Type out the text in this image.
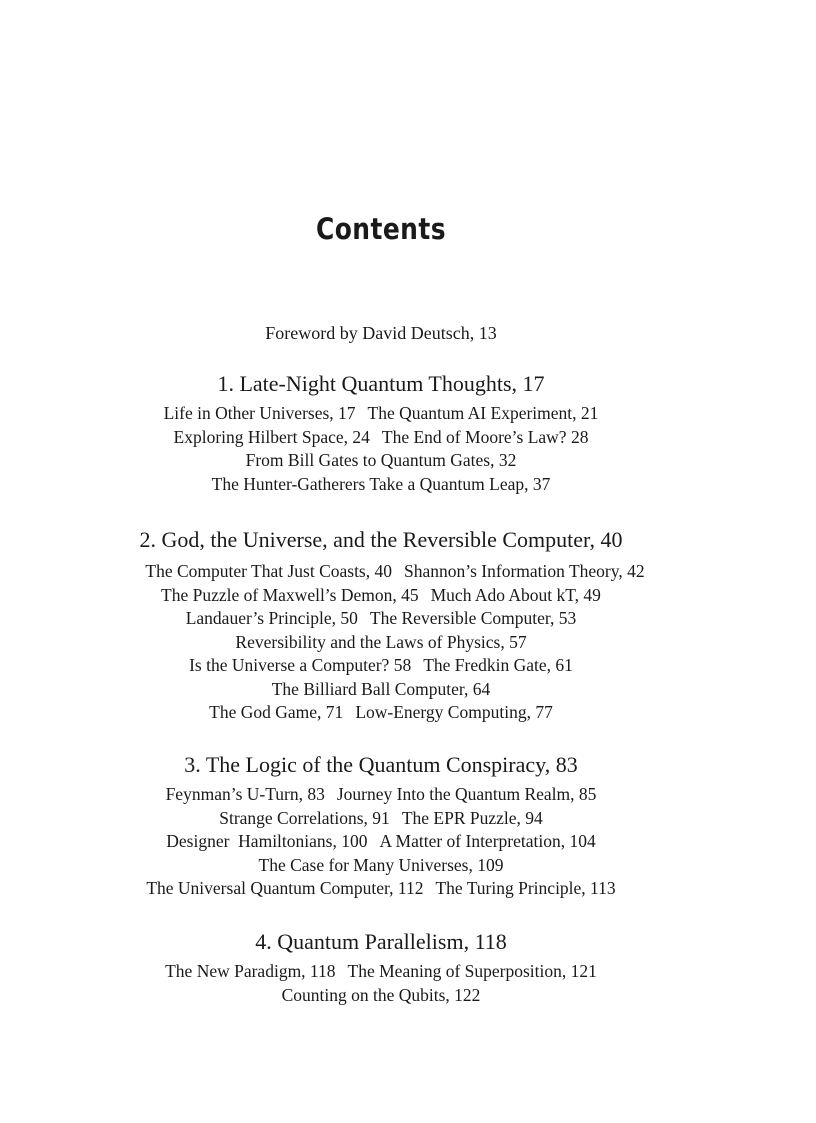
Contents
Foreword by David Deutsch, 13
1. Late-Night Quantum Thoughts, 17
Life in Other Universes, 17 The Quantum AI Experiment, 21
Exploring Hilbert Space, 24 The End of Moore’s Law? 28
From Bill Gates to Quantum Gates, 32
The Hunter-Gatherers Take a Quantum Leap, 37
2. God, the Universe, and the Reversible Computer, 40
The Computer That Just Coasts, 40 Shannon’s Information Theory, 42
The Puzzle of Maxwell’s Demon, 45 Much Ado About kT, 49
Landauer’s Principle, 50 The Reversible Computer, 53
Reversibility and the Laws of Physics, 57
Is the Universe a Computer? 58 The Fredkin Gate, 61
The Billiard Ball Computer, 64
The God Game, 71 Low-Energy Computing, 77
3. The Logic of the Quantum Conspiracy, 83
Feynman’s U-Turn, 83 Journey Into the Quantum Realm, 85
Strange Correlations, 91 The EPR Puzzle, 94
Designer  Hamiltonians, 100 A Matter of Interpretation, 104
The Case for Many Universes, 109
The Universal Quantum Computer, 112 The Turing Principle, 113
4. Quantum Parallelism, 118
The New Paradigm, 118 The Meaning of Superposition, 121
Counting on the Qubits, 122
